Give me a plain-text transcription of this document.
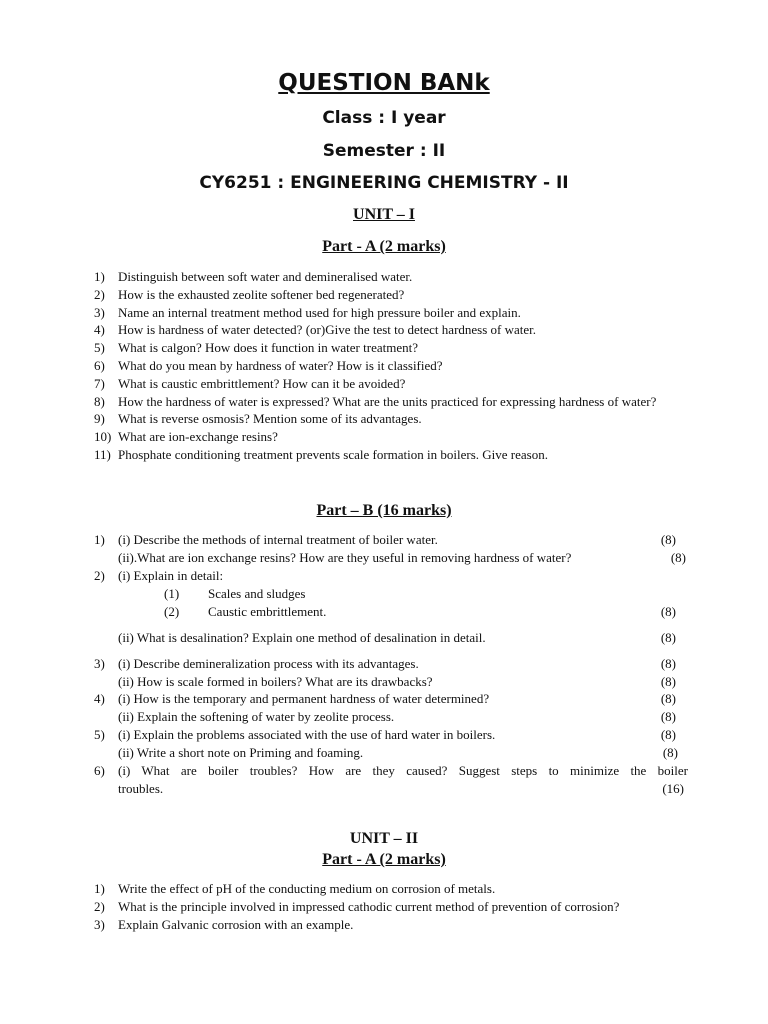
QUESTION BANk
Class : I year
Semester : II
CY6251 : ENGINEERING CHEMISTRY - II
UNIT – I
Part - A (2 marks)
1) Distinguish between soft water and demineralised water.
2) How is the exhausted zeolite softener bed regenerated?
3) Name an internal treatment method used for high pressure boiler and explain.
4) How is hardness of water detected? (or)Give the test to detect hardness of water.
5) What is calgon? How does it function in water treatment?
6) What do you mean by hardness of water? How is it classified?
7) What is caustic embrittlement? How can it be avoided?
8) How the hardness of water is expressed? What are the units practiced for expressing hardness of water?
9) What is reverse osmosis? Mention some of its advantages.
10) What are ion-exchange resins?
11) Phosphate conditioning treatment prevents scale formation in boilers. Give reason.
Part – B (16 marks)
1) (i) Describe the methods of internal treatment of boiler water.	(8)
(ii).What are ion exchange resins? How are they useful in removing hardness of water?	(8)
2) (i) Explain in detail:
(1) Scales and sludges
(2) Caustic embrittlement.	(8)
(ii) What is desalination? Explain one method of desalination in detail.	(8)
3) (i) Describe demineralization process with its advantages.	(8)
(ii) How is scale formed in boilers? What are its drawbacks?	(8)
4) (i) How is the temporary and permanent hardness of water determined?	(8)
(ii) Explain the softening of water by zeolite process.	(8)
5) (i) Explain the problems associated with the use of hard water in boilers.	(8)
(ii) Write a short note on Priming and foaming.	(8)
6) (i) What are boiler troubles? How are they caused? Suggest steps to minimize the boiler
troubles.	(16)
UNIT – II
Part - A (2 marks)
1) Write the effect of pH of the conducting medium on corrosion of metals.
2) What is the principle involved in impressed cathodic current method of prevention of corrosion?
3) Explain Galvanic corrosion with an example.
